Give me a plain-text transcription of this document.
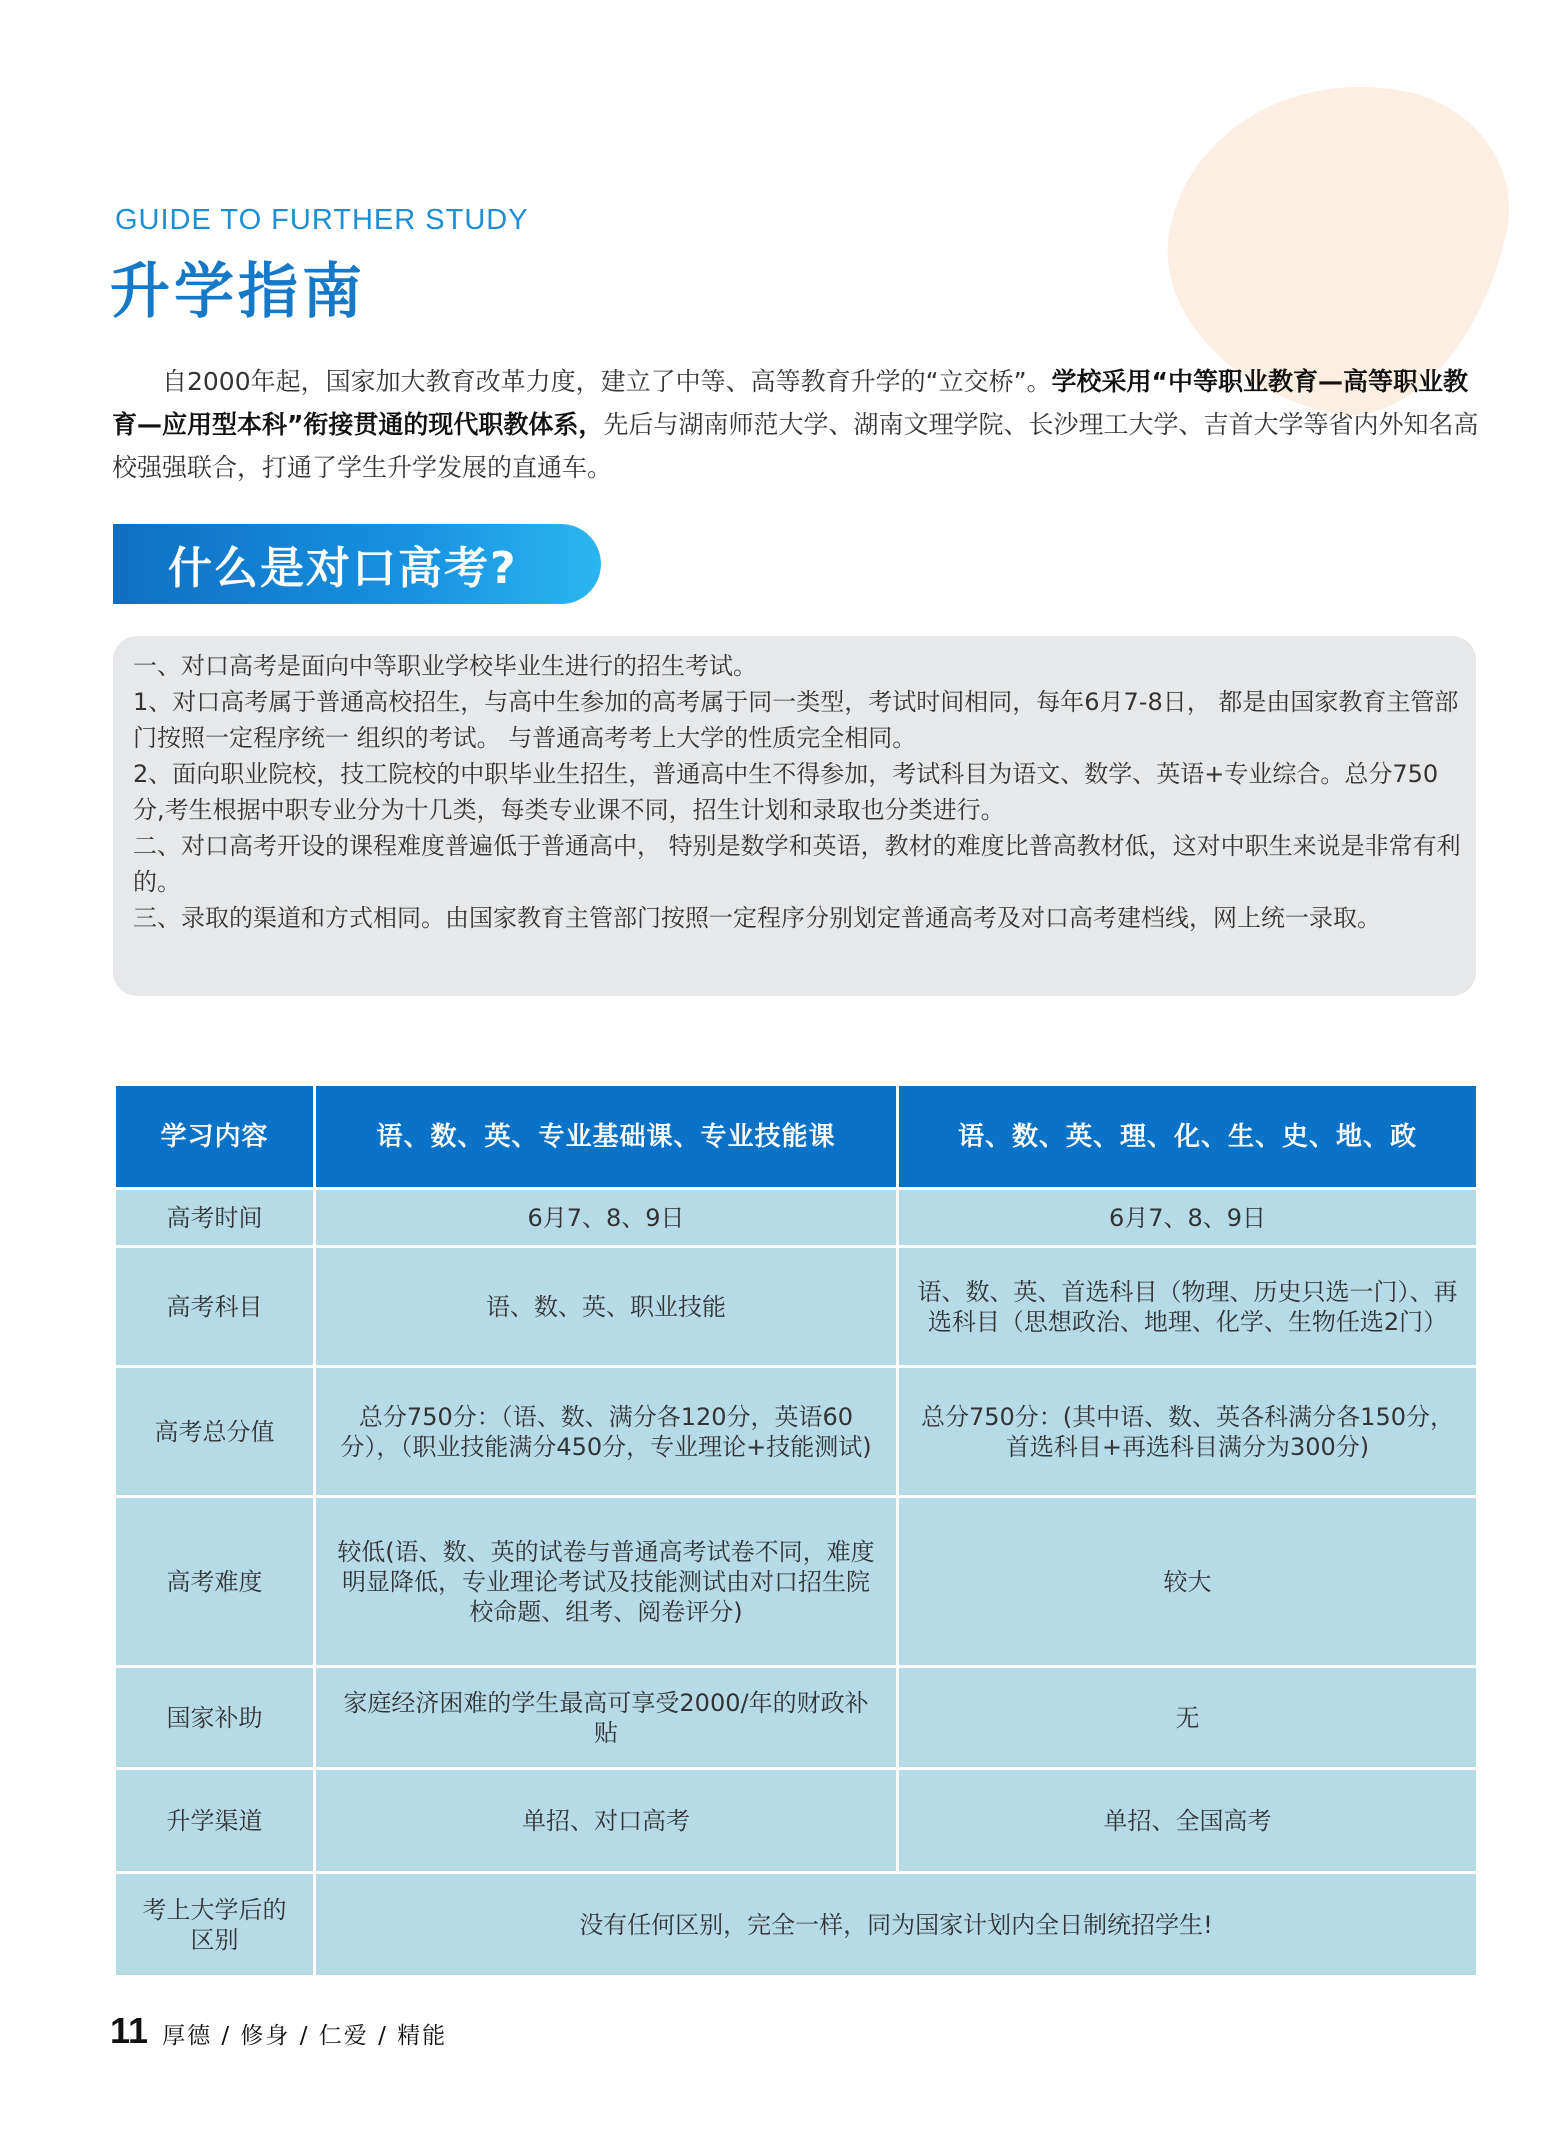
GUIDE TO FURTHER STUDY
升学指南
自2000年起，国家加大教育改革力度，建立了中等、高等教育升学的“立交桥”。学校采用“中等职业教育—高等职业教育—应用型本科”衔接贯通的现代职教体系，先后与湖南师范大学、湖南文理学院、长沙理工大学、吉首大学等省内外知名高校强强联合，打通了学生升学发展的直通车。
什么是对口高考?

一、对口高考是面向中等职业学校毕业生进行的招生考试。

1、对口高考属于普通高校招生，与高中生参加的高考属于同一类型，考试时间相同，每年6月7-8日， 都是由国家教育主管部门按照一定程序统一 组织的考试。 与普通高考考上大学的性质完全相同。

2、面向职业院校，技工院校的中职毕业生招生，普通高中生不得参加，考试科目为语文、数学、英语+专业综合。总分750分,考生根据中职专业分为十几类，每类专业课不同，招生计划和录取也分类进行。

二、对口高考开设的课程难度普遍低于普通高中， 特别是数学和英语，教材的难度比普高教材低，这对中职生来说是非常有利的。

三、录取的渠道和方式相同。由国家教育主管部门按照一定程序分别划定普通高考及对口高考建档线，网上统一录取。

学习内容	语、数、英、专业基础课、专业技能课	语、数、英、理、化、生、史、地、政
高考时间	6月7、8、9日	6月7、8、9日
高考科目	语、数、英、职业技能	语、数、英、首选科目（物理、历史只选一门）、再选科目（思想政治、地理、化学、生物任选2门）
高考总分值	总分750分：（语、数、满分各120分，英语60分），（职业技能满分450分，专业理论+技能测试)	总分750分：(其中语、数、英各科满分各150分， 首选科目+再选科目满分为300分)
高考难度	较低(语、数、英的试卷与普通高考试卷不同，难度明显降低，专业理论考试及技能测试由对口招生院校命题、组考、阅卷评分)	较大
国家补助	家庭经济困难的学生最高可享受2000/年的财政补贴	无
升学渠道	单招、对口高考	单招、全国高考
考上大学后的区别	没有任何区别，完全一样，同为国家计划内全日制统招学生!	
11 厚德 / 修身 / 仁爱 / 精能
